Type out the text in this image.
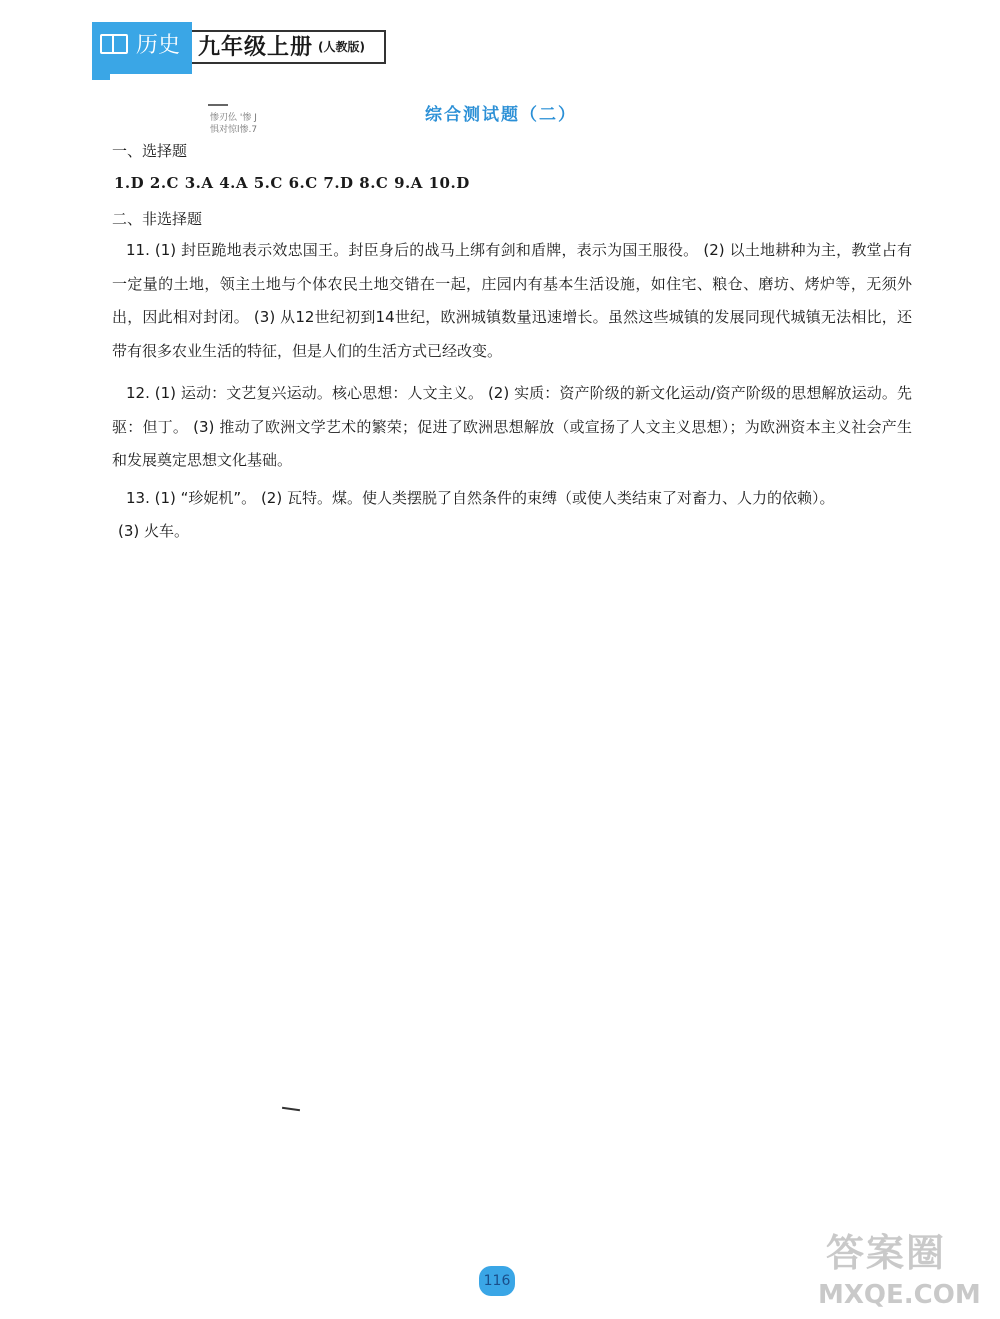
历史 九年级上册 (人教版)
惨刃仫 '惨 J
惧对惊l惨.7
综合测试题（二）
一、选择题
1.D 2.C 3.A 4.A 5.C 6.C 7.D 8.C 9.A 10.D
二、非选择题
11. (1) 封臣跪地表示效忠国王。封臣身后的战马上绑有剑和盾牌，表示为国王服役。 (2) 以土地耕种为主，教堂占有一定量的土地，领主土地与个体农民土地交错在一起，庄园内有基本生活设施，如住宅、粮仓、磨坊、烤炉等，无须外出，因此相对封闭。 (3) 从12世纪初到14世纪，欧洲城镇数量迅速增长。虽然这些城镇的发展同现代城镇无法相比，还带有很多农业生活的特征，但是人们的生活方式已经改变。
12. (1) 运动：文艺复兴运动。核心思想：人文主义。 (2) 实质：资产阶级的新文化运动/资产阶级的思想解放运动。先驱：但丁。 (3) 推动了欧洲文学艺术的繁荣；促进了欧洲思想解放（或宣扬了人文主义思想）；为欧洲资本主义社会产生和发展奠定思想文化基础。
13. (1) “珍妮机”。 (2) 瓦特。煤。使人类摆脱了自然条件的束缚（或使人类结束了对畜力、人力的依赖）。
(3) 火车。
116
答案圈
MXQE.COM
